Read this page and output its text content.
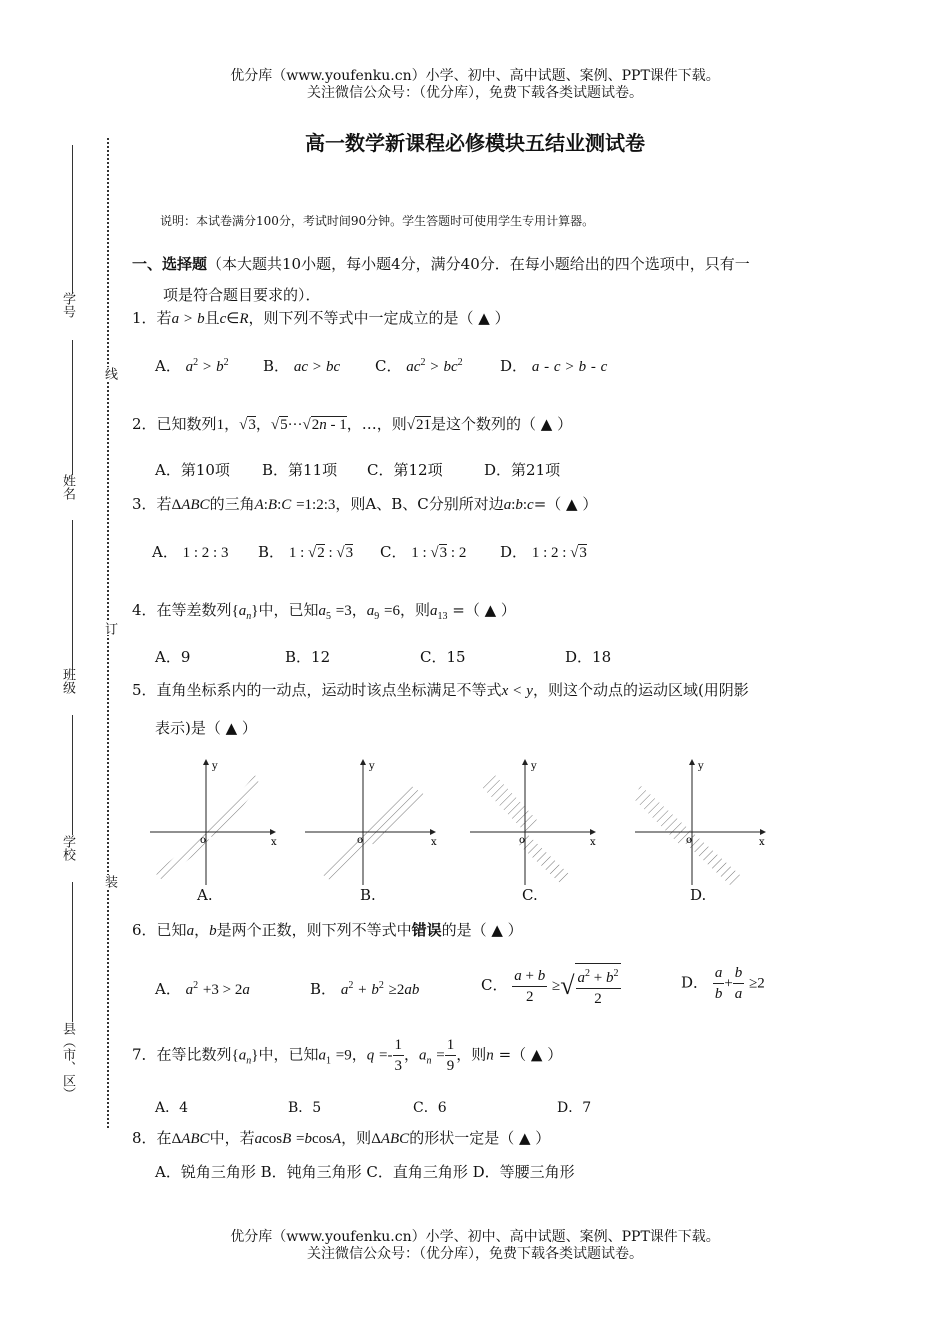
优分库（www.youfenku.cn）小学、初中、高中试题、案例、PPT课件下载。
关注微信公众号：（优分库），免费下载各类试题试卷。
学号
姓名
班级
学校
县（市、区）
线
订
装
高一数学新课程必修模块五结业测试卷
说明：本试卷满分100分，考试时间90分钟。学生答题时可使用学生专用计算器。
一、选择题（本大题共10小题，每小题4分，满分40分．在每小题给出的四个选项中，只有一
项是符合题目要求的）．
1．若a > b且c∈R，则下列不等式中一定成立的是（ ▲ ）
A． $a^2 > b^2$ B． ac > bc C． $ac^2 > bc^2$ D． a - c > b - c
2．已知数列1，√3，√5···√2n - 1，…，则√21是这个数列的（ ▲ ）
A．第10项 B．第11项 C．第12项	D．第21项
3．若ΔABC的三角A:B:C =1:2:3，则A、B、C分别所对边a:b:c=（ ▲ ）
A． 1 : 2 : 3 B． 1 : √2 : √3 C． 1 : √3 : 2 D． 1 : 2 : √3
4．在等差数列$\{a_n\}$中，已知$a_5 =3$，$a_9 =6$，则$a_{13}$ =（ ▲ ）
A．9	B．12	C．15	D．18
5．直角坐标系内的一动点，运动时该点坐标满足不等式x < y，则这个动点的运动区域(用阴影
表示)是（ ▲ ）
y
x
o
y
x
o
y
x
o
y
x
o
A.	B.	C.	D.
6．已知a，b是两个正数，则下列不等式中错误的是（ ▲ ）
A． $a^2 +3 > 2a$	B． $a^2 + b^2 \ge 2ab$	C． $\frac{a + b}{2}$ ≥√ $\frac{a^2 + b^2}{2}$	D． $\frac{a}{b} + \frac{b}{a} \ge 2$
7．在等比数列$\{a_n\}$中，已知$a_1 =9$，$q =- \frac{1}{3}$ ，$a_n = \frac{1}{9}$ ，则n =（ ▲ ）
A．4	B．5	C．6	D．7
8．在ΔABC中，若acosB =bcosA，则ΔABC的形状一定是（ ▲ ）
A．锐角三角形 B．钝角三角形 C．直角三角形 D．等腰三角形
优分库（www.youfenku.cn）小学、初中、高中试题、案例、PPT课件下载。
关注微信公众号：（优分库），免费下载各类试题试卷。
